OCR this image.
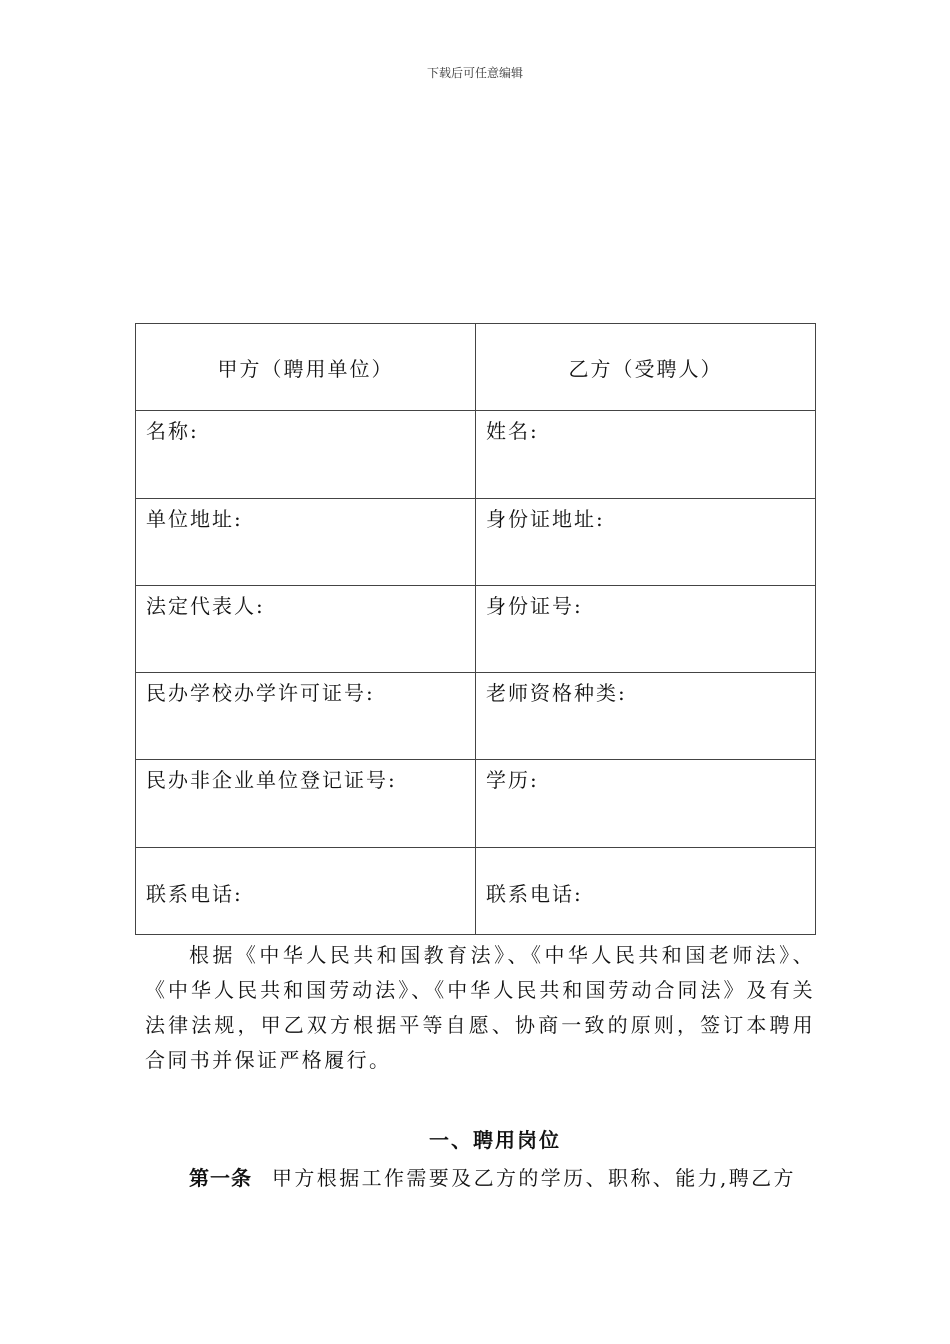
下载后可任意编辑
甲方（聘用单位）	乙方（受聘人）
名称:	姓名:
单位地址:	身份证地址:
法定代表人:	身份证号:
民办学校办学许可证号:	老师资格种类:
民办非企业单位登记证号:	学历:
联系电话:	联系电话:
根据《中华人民共和国教育法》、《中华人民共和国老师法》、《中华人民共和国劳动法》、《中华人民共和国劳动合同法》及有关法律法规，甲乙双方根据平等自愿、协商一致的原则，签订本聘用合同书并保证严格履行。
一、聘用岗位
第一条 甲方根据工作需要及乙方的学历、职称、能力,聘乙方
